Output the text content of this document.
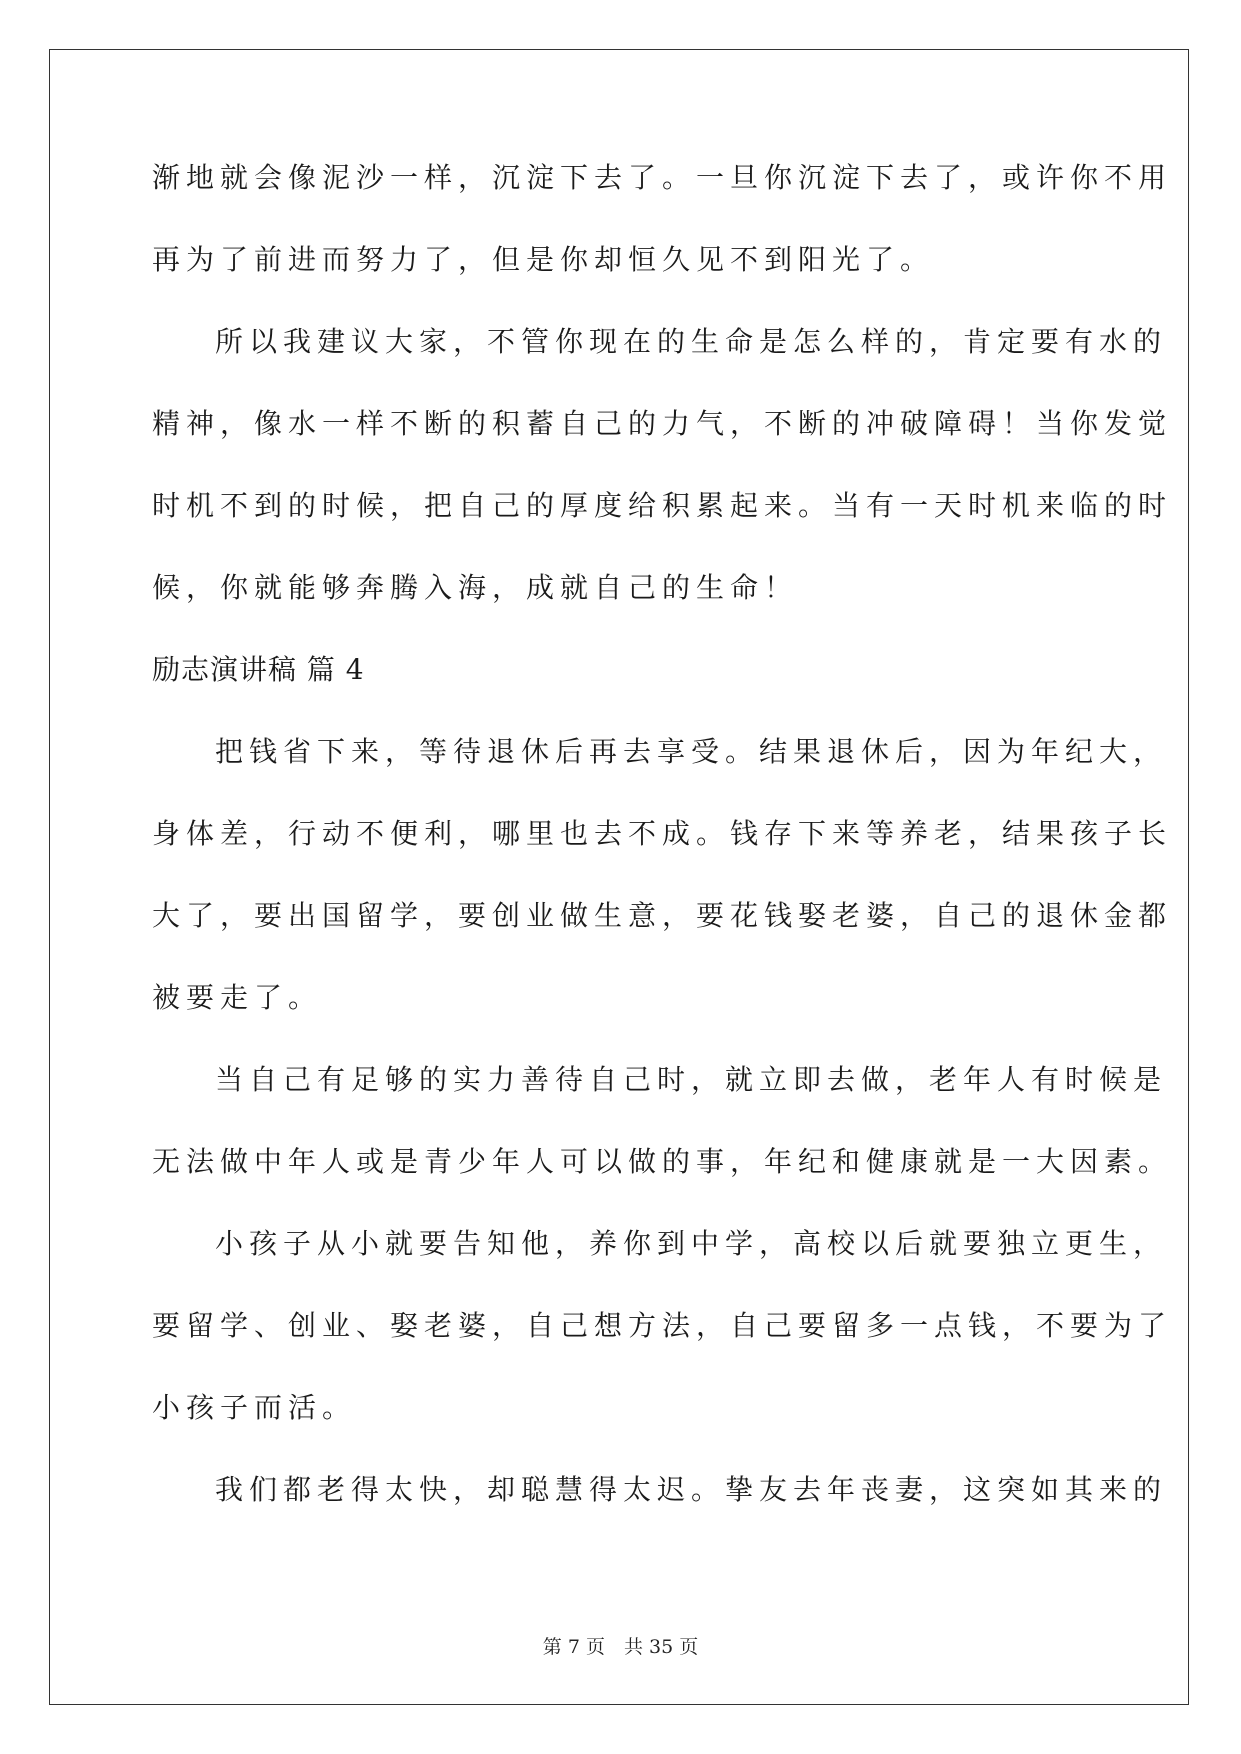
渐地就会像泥沙一样，沉淀下去了。一旦你沉淀下去了，或许你不用
再为了前进而努力了，但是你却恒久见不到阳光了。
所以我建议大家，不管你现在的生命是怎么样的，肯定要有水的
精神，像水一样不断的积蓄自己的力气，不断的冲破障碍！当你发觉
时机不到的时候，把自己的厚度给积累起来。当有一天时机来临的时
候，你就能够奔腾入海，成就自己的生命！
励志演讲稿 篇 4
把钱省下来，等待退休后再去享受。结果退休后，因为年纪大，
身体差，行动不便利，哪里也去不成。钱存下来等养老，结果孩子长
大了，要出国留学，要创业做生意，要花钱娶老婆，自己的退休金都
被要走了。
当自己有足够的实力善待自己时，就立即去做，老年人有时候是
无法做中年人或是青少年人可以做的事，年纪和健康就是一大因素。
小孩子从小就要告知他，养你到中学，高校以后就要独立更生，
要留学、创业、娶老婆，自己想方法，自己要留多一点钱，不要为了
小孩子而活。
我们都老得太快，却聪慧得太迟。挚友去年丧妻，这突如其来的
第 7 页　共 35 页
